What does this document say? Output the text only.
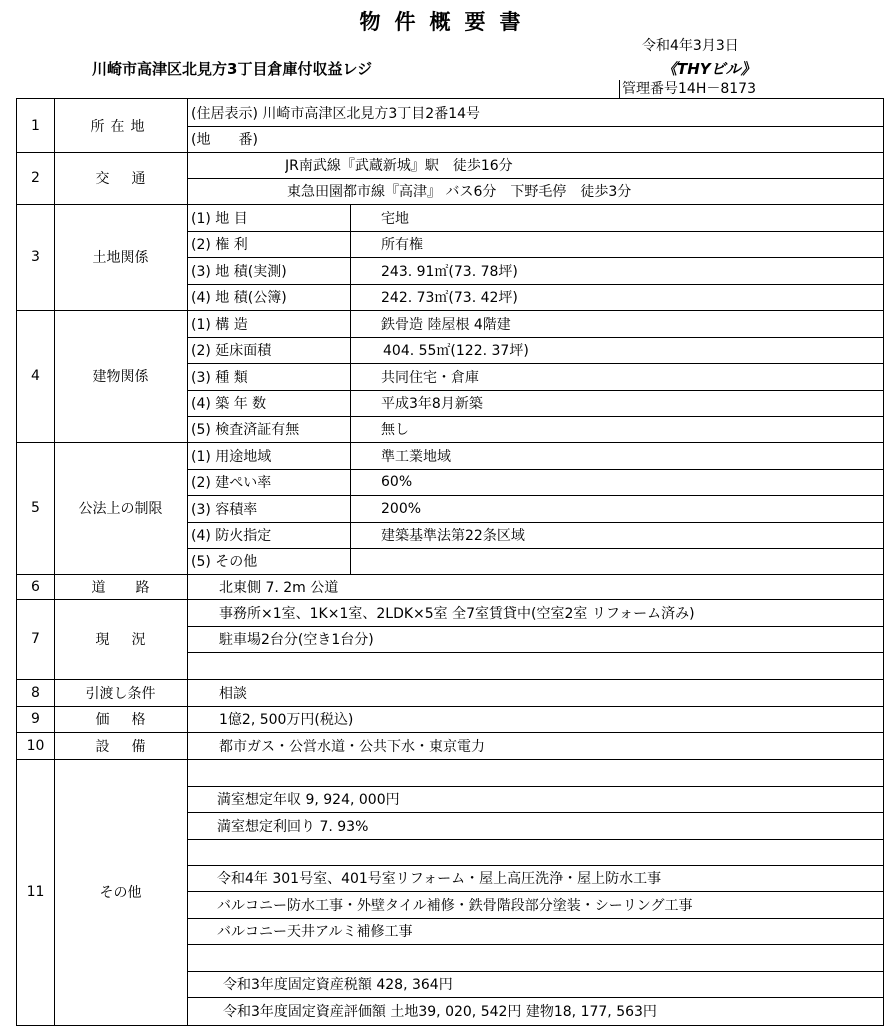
物件概要書
川崎市高津区北見方3丁目倉庫付収益レジ
令和4年3月3日
《THYビル》
管理番号14H－8173
1	所在地
(住居表示) 川崎市高津区北見方3丁目2番14号
(地　　番)
2	交通
JR南武線『武蔵新城』駅　徒歩16分
東急田園都市線『高津』 バス6分　下野毛停　徒歩3分
3	土地関係
(1) 地 目	宅地
(2) 権 利	所有権
(3) 地 積(実測)	243. 91㎡(73. 78坪)
(4) 地 積(公簿)	242. 73㎡(73. 42坪)
4	建物関係
(1) 構 造	鉄骨造 陸屋根 4階建
(2) 延床面積	404. 55㎡(122. 37坪)
(3) 種 類	共同住宅・倉庫
(4) 築 年 数	平成3年8月新築
(5) 検査済証有無	無し
5	公法上の制限
(1) 用途地域	準工業地域
(2) 建ぺい率	60%
(3) 容積率	200%
(4) 防火指定	建築基準法第22条区域
(5) その他
6	道路	北東側 7. 2m 公道
7	現況
事務所×1室、1K×1室、2LDK×5室 全7室賃貸中(空室2室 リフォーム済み)
駐車場2台分(空き1台分)
8	引渡し条件	相談
9	価格	1億2, 500万円(税込)
10	設備	都市ガス・公営水道・公共下水・東京電力
11	その他
満室想定年収 9, 924, 000円
満室想定利回り 7. 93%
令和4年 301号室、401号室リフォーム・屋上高圧洗浄・屋上防水工事
バルコニー防水工事・外壁タイル補修・鉄骨階段部分塗装・シーリング工事
バルコニー天井アルミ補修工事
令和3年度固定資産税額 428, 364円
令和3年度固定資産評価額 土地39, 020, 542円 建物18, 177, 563円
